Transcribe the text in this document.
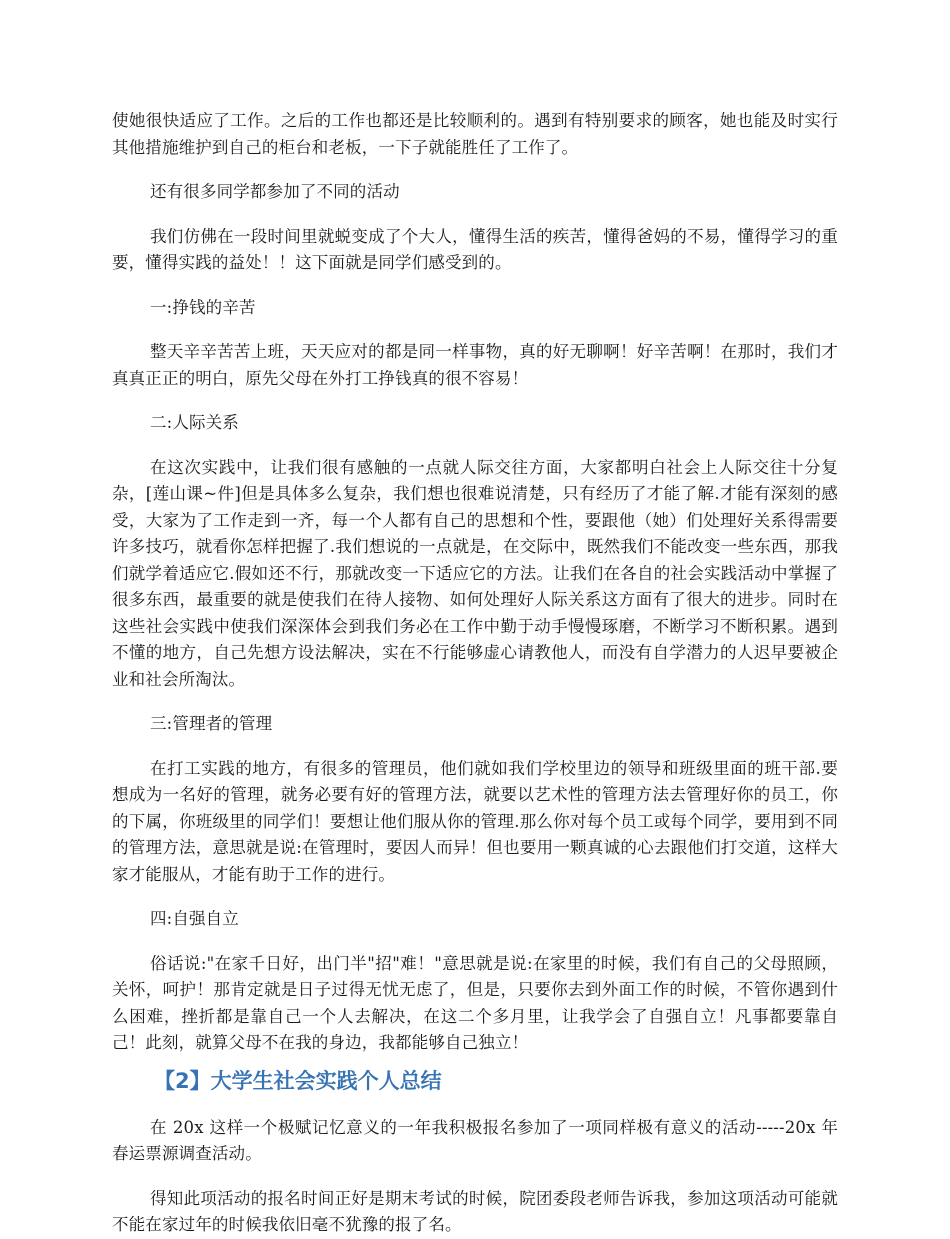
使她很快适应了工作。之后的工作也都还是比较顺利的。遇到有特别要求的顾客，她也能及时实行其他措施维护到自己的柜台和老板，一下子就能胜任了工作了。

还有很多同学都参加了不同的活动

我们仿佛在一段时间里就蜕变成了个大人，懂得生活的疾苦，懂得爸妈的不易，懂得学习的重要，懂得实践的益处！！这下面就是同学们感受到的。

一:挣钱的辛苦

整天辛辛苦苦上班，天天应对的都是同一样事物，真的好无聊啊！好辛苦啊！在那时，我们才真真正正的明白，原先父母在外打工挣钱真的很不容易！

二:人际关系

在这次实践中，让我们很有感触的一点就人际交往方面，大家都明白社会上人际交往十分复杂，[莲山课~件]但是具体多么复杂，我们想也很难说清楚，只有经历了才能了解.才能有深刻的感受，大家为了工作走到一齐，每一个人都有自己的思想和个性，要跟他（她）们处理好关系得需要许多技巧，就看你怎样把握了.我们想说的一点就是，在交际中，既然我们不能改变一些东西，那我们就学着适应它.假如还不行，那就改变一下适应它的方法。让我们在各自的社会实践活动中掌握了很多东西，最重要的就是使我们在待人接物、如何处理好人际关系这方面有了很大的进步。同时在这些社会实践中使我们深深体会到我们务必在工作中勤于动手慢慢琢磨，不断学习不断积累。遇到不懂的地方，自己先想方设法解决，实在不行能够虚心请教他人，而没有自学潜力的人迟早要被企业和社会所淘汰。

三:管理者的管理

在打工实践的地方，有很多的管理员，他们就如我们学校里边的领导和班级里面的班干部.要想成为一名好的管理，就务必要有好的管理方法，就要以艺术性的管理方法去管理好你的员工，你的下属，你班级里的同学们！要想让他们服从你的管理.那么你对每个员工或每个同学，要用到不同的管理方法，意思就是说:在管理时，要因人而异！但也要用一颗真诚的心去跟他们打交道，这样大家才能服从，才能有助于工作的进行。

四:自强自立

俗话说:"在家千日好，出门半"招"难！"意思就是说:在家里的时候，我们有自己的父母照顾，关怀，呵护！那肯定就是日子过得无忧无虑了，但是，只要你去到外面工作的时候，不管你遇到什么困难，挫折都是靠自己一个人去解决，在这二个多月里，让我学会了自强自立！凡事都要靠自己！此刻，就算父母不在我的身边，我都能够自己独立！

【2】大学生社会实践个人总结

在 20x 这样一个极赋记忆意义的一年我积极报名参加了一项同样极有意义的活动-----20x 年春运票源调查活动。

得知此项活动的报名时间正好是期末考试的时候，院团委段老师告诉我，参加这项活动可能就不能在家过年的时候我依旧毫不犹豫的报了名。
